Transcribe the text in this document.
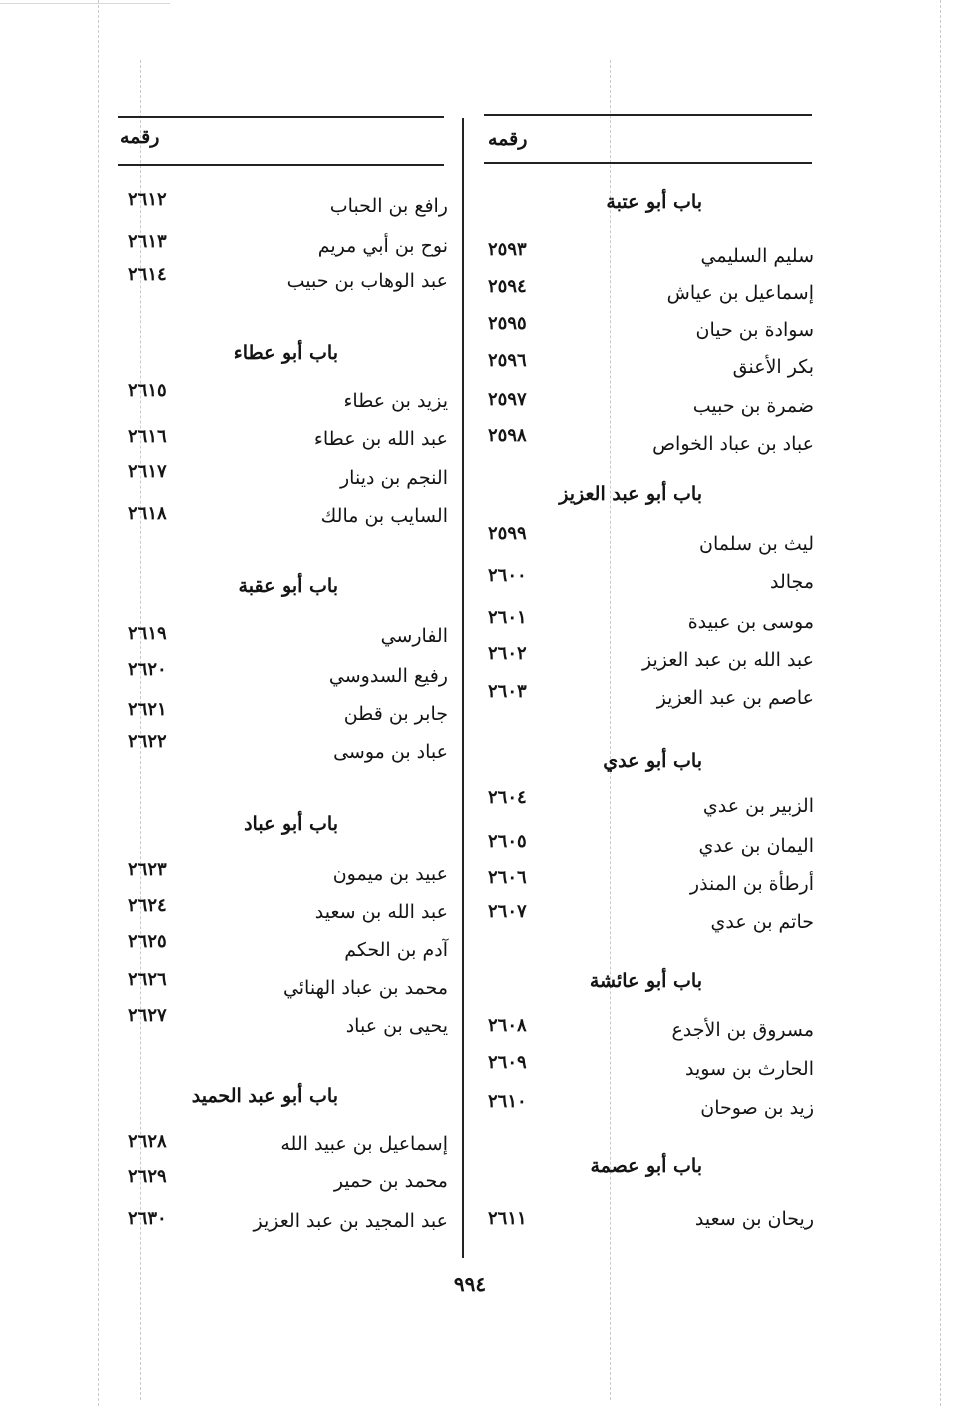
رقمه	رقمه
باب أبو عتبة
سليم السليمي
٢٥٩٣
إسماعيل بن عياش
٢٥٩٤
سوادة بن حيان
٢٥٩٥
بكر الأعنق
٢٥٩٦
ضمرة بن حبيب
٢٥٩٧
عباد بن عباد الخواص
٢٥٩٨
باب أبو عبد العزيز
ليث بن سلمان
٢٥٩٩
مجالد
٢٦٠٠
موسى بن عبيدة
٢٦٠١
عبد الله بن عبد العزيز
٢٦٠٢
عاصم بن عبد العزيز
٢٦٠٣
باب أبو عدي
الزبير بن عدي
٢٦٠٤
اليمان بن عدي
٢٦٠٥
أرطأة بن المنذر
٢٦٠٦
حاتم بن عدي
٢٦٠٧
باب أبو عائشة
مسروق بن الأجدع
٢٦٠٨
الحارث بن سويد
٢٦٠٩
زيد بن صوحان
٢٦١٠
باب أبو عصمة
ريحان بن سعيد
٢٦١١
رافع بن الحباب
٢٦١٢
نوح بن أبي مريم
٢٦١٣
عبد الوهاب بن حبيب
٢٦١٤
باب أبو عطاء
يزيد بن عطاء
٢٦١٥
عبد الله بن عطاء
٢٦١٦
النجم بن دينار
٢٦١٧
السايب بن مالك
٢٦١٨
باب أبو عقبة
الفارسي
٢٦١٩
رفيع السدوسي
٢٦٢٠
جابر بن قطن
٢٦٢١
عباد بن موسى
٢٦٢٢
باب أبو عباد
عبيد بن ميمون
٢٦٢٣
عبد الله بن سعيد
٢٦٢٤
آدم بن الحكم
٢٦٢٥
محمد بن عباد الهنائي
٢٦٢٦
يحيى بن عباد
٢٦٢٧
باب أبو عبد الحميد
إسماعيل بن عبيد الله
٢٦٢٨
محمد بن حمير
٢٦٢٩
عبد المجيد بن عبد العزيز
٢٦٣٠
٩٩٤
